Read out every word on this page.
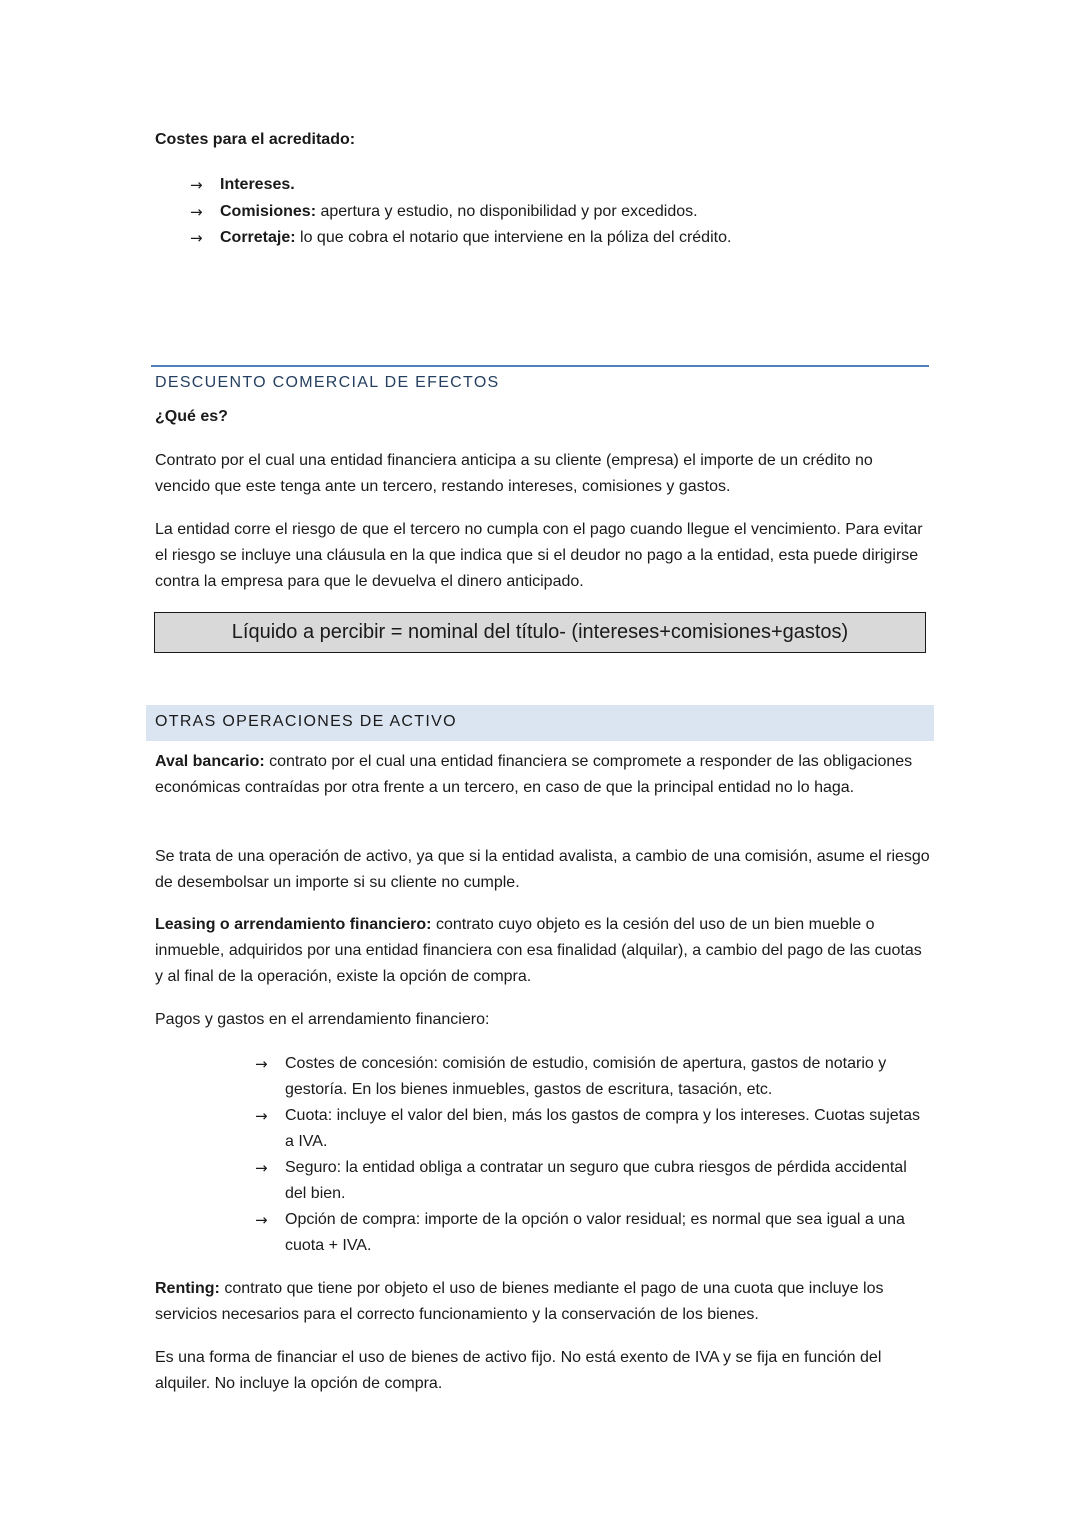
Costes para el acreditado:

→ Intereses.
→ Comisiones: apertura y estudio, no disponibilidad y por excedidos.
→ Corretaje: lo que cobra el notario que interviene en la póliza del crédito.

DESCUENTO COMERCIAL DE EFECTOS

¿Qué es?

Contrato por el cual una entidad financiera anticipa a su cliente (empresa) el importe de un crédito no vencido que este tenga ante un tercero, restando intereses, comisiones y gastos.

La entidad corre el riesgo de que el tercero no cumpla con el pago cuando llegue el vencimiento. Para evitar el riesgo se incluye una cláusula en la que indica que si el deudor no pago a la entidad, esta puede dirigirse contra la empresa para que le devuelva el dinero anticipado.

Líquido a percibir = nominal del título- (intereses+comisiones+gastos)

OTRAS OPERACIONES DE ACTIVO

Aval bancario: contrato por el cual una entidad financiera se compromete a responder de las obligaciones económicas contraídas por otra frente a un tercero, en caso de que la principal entidad no lo haga.

Se trata de una operación de activo, ya que si la entidad avalista, a cambio de una comisión, asume el riesgo de desembolsar un importe si su cliente no cumple.

Leasing o arrendamiento financiero: contrato cuyo objeto es la cesión del uso de un bien mueble o inmueble, adquiridos por una entidad financiera con esa finalidad (alquilar), a cambio del pago de las cuotas y al final de la operación, existe la opción de compra.

Pagos y gastos en el arrendamiento financiero:

→ Costes de concesión: comisión de estudio, comisión de apertura, gastos de notario y gestoría. En los bienes inmuebles, gastos de escritura, tasación, etc.
→ Cuota: incluye el valor del bien, más los gastos de compra y los intereses. Cuotas sujetas a IVA.
→ Seguro: la entidad obliga a contratar un seguro que cubra riesgos de pérdida accidental del bien.
→ Opción de compra: importe de la opción o valor residual; es normal que sea igual a una cuota + IVA.

Renting: contrato que tiene por objeto el uso de bienes mediante el pago de una cuota que incluye los servicios necesarios para el correcto funcionamiento y la conservación de los bienes.

Es una forma de financiar el uso de bienes de activo fijo. No está exento de IVA y se fija en función del alquiler. No incluye la opción de compra.
